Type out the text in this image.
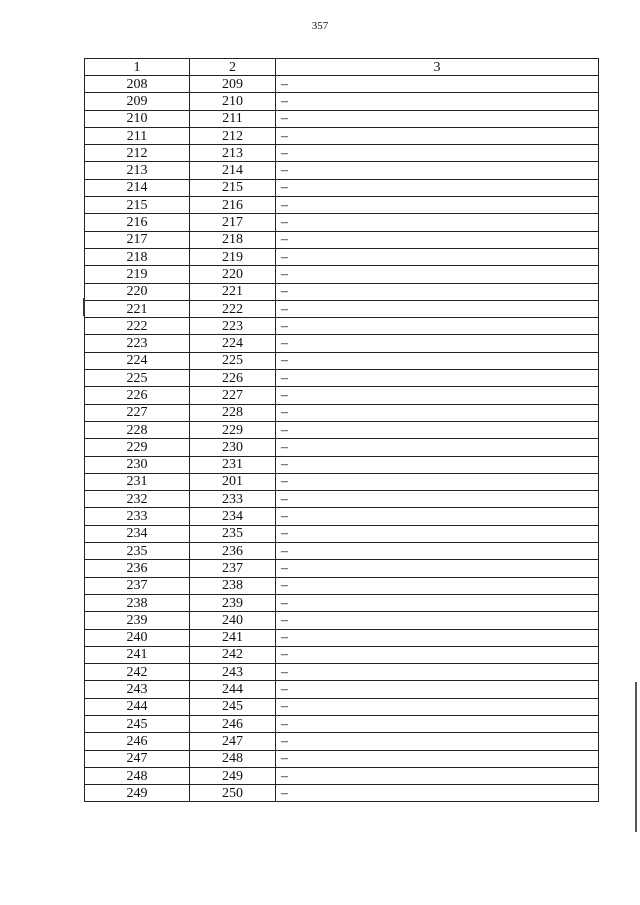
357
1	2	3
208	209	–
209	210	–
210	211	–
211	212	–
212	213	–
213	214	–
214	215	–
215	216	–
216	217	–
217	218	–
218	219	–
219	220	–
220	221	–
221	222	–
222	223	–
223	224	–
224	225	–
225	226	–
226	227	–
227	228	–
228	229	–
229	230	–
230	231	–
231	201	–
232	233	–
233	234	–
234	235	–
235	236	–
236	237	–
237	238	–
238	239	–
239	240	–
240	241	–
241	242	–
242	243	–
243	244	–
244	245	–
245	246	–
246	247	–
247	248	–
248	249	–
249	250	–
